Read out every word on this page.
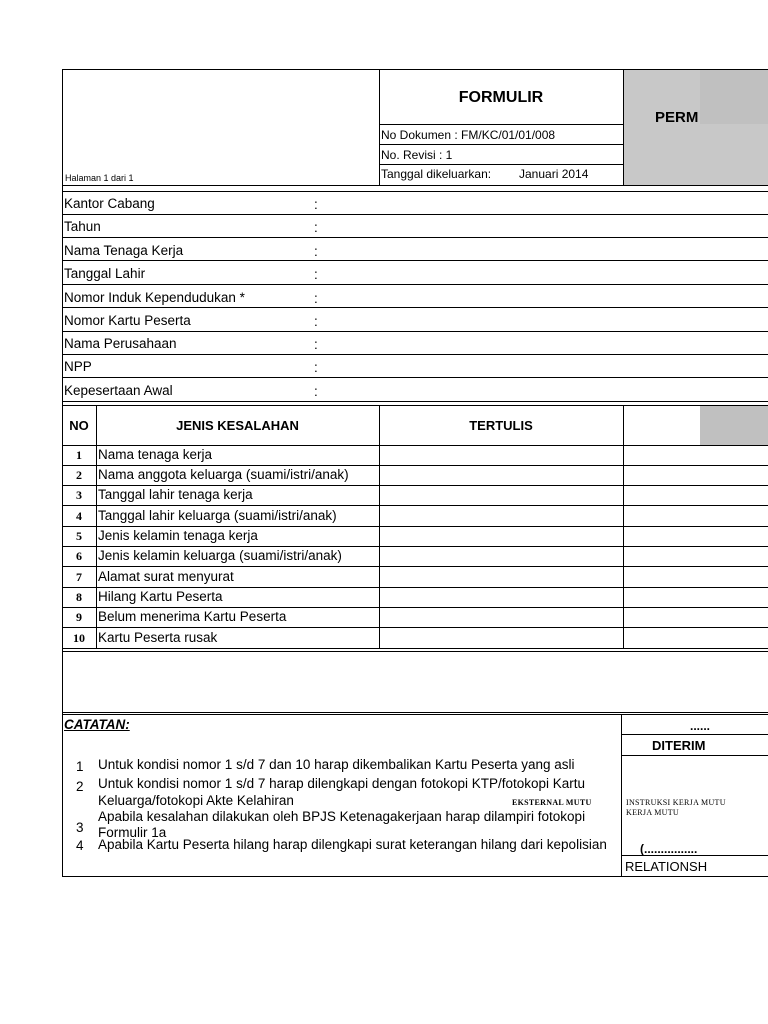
FORMULIR
PERM
Halaman 1 dari 1
No Dokumen : FM/KC/01/01/008
No. Revisi : 1
Tanggal dikeluarkan: Januari 2014
Kantor Cabang	:
Tahun	:
Nama Tenaga Kerja	:
Tanggal Lahir	:
Nomor Induk Kependudukan *	:
Nomor Kartu Peserta	:
Nama Perusahaan	:
NPP	:
Kepesertaan Awal	:
NO	JENIS KESALAHAN	TERTULIS
1	Nama tenaga kerja
2	Nama anggota keluarga (suami/istri/anak)
3	Tanggal lahir tenaga kerja
4	Tanggal lahir keluarga (suami/istri/anak)
5	Jenis kelamin tenaga kerja
6	Jenis kelamin keluarga (suami/istri/anak)
7	Alamat surat menyurat
8	Hilang Kartu Peserta
9	Belum menerima Kartu Peserta
10 Kartu Peserta rusak
CATATAN:
1 Untuk kondisi nomor 1 s/d 7 dan 10 harap dikembalikan Kartu Peserta yang asli
2 Untuk kondisi nomor 1 s/d 7 harap dilengkapi dengan fotokopi KTP/fotokopi Kartu
Keluarga/fotokopi Akte Kelahiran
3
Apabila kesalahan dilakukan oleh BPJS Ketenagakerjaan harap dilampiri fotokopi
Formulir 1a
4 Apabila Kartu Peserta hilang harap dilengkapi surat keterangan hilang dari kepolisian
EKSTERNAL MUTU
......
DITERIM
INSTRUKSI KERJA MUTU
KERJA MUTU
(................
RELATIONSH
